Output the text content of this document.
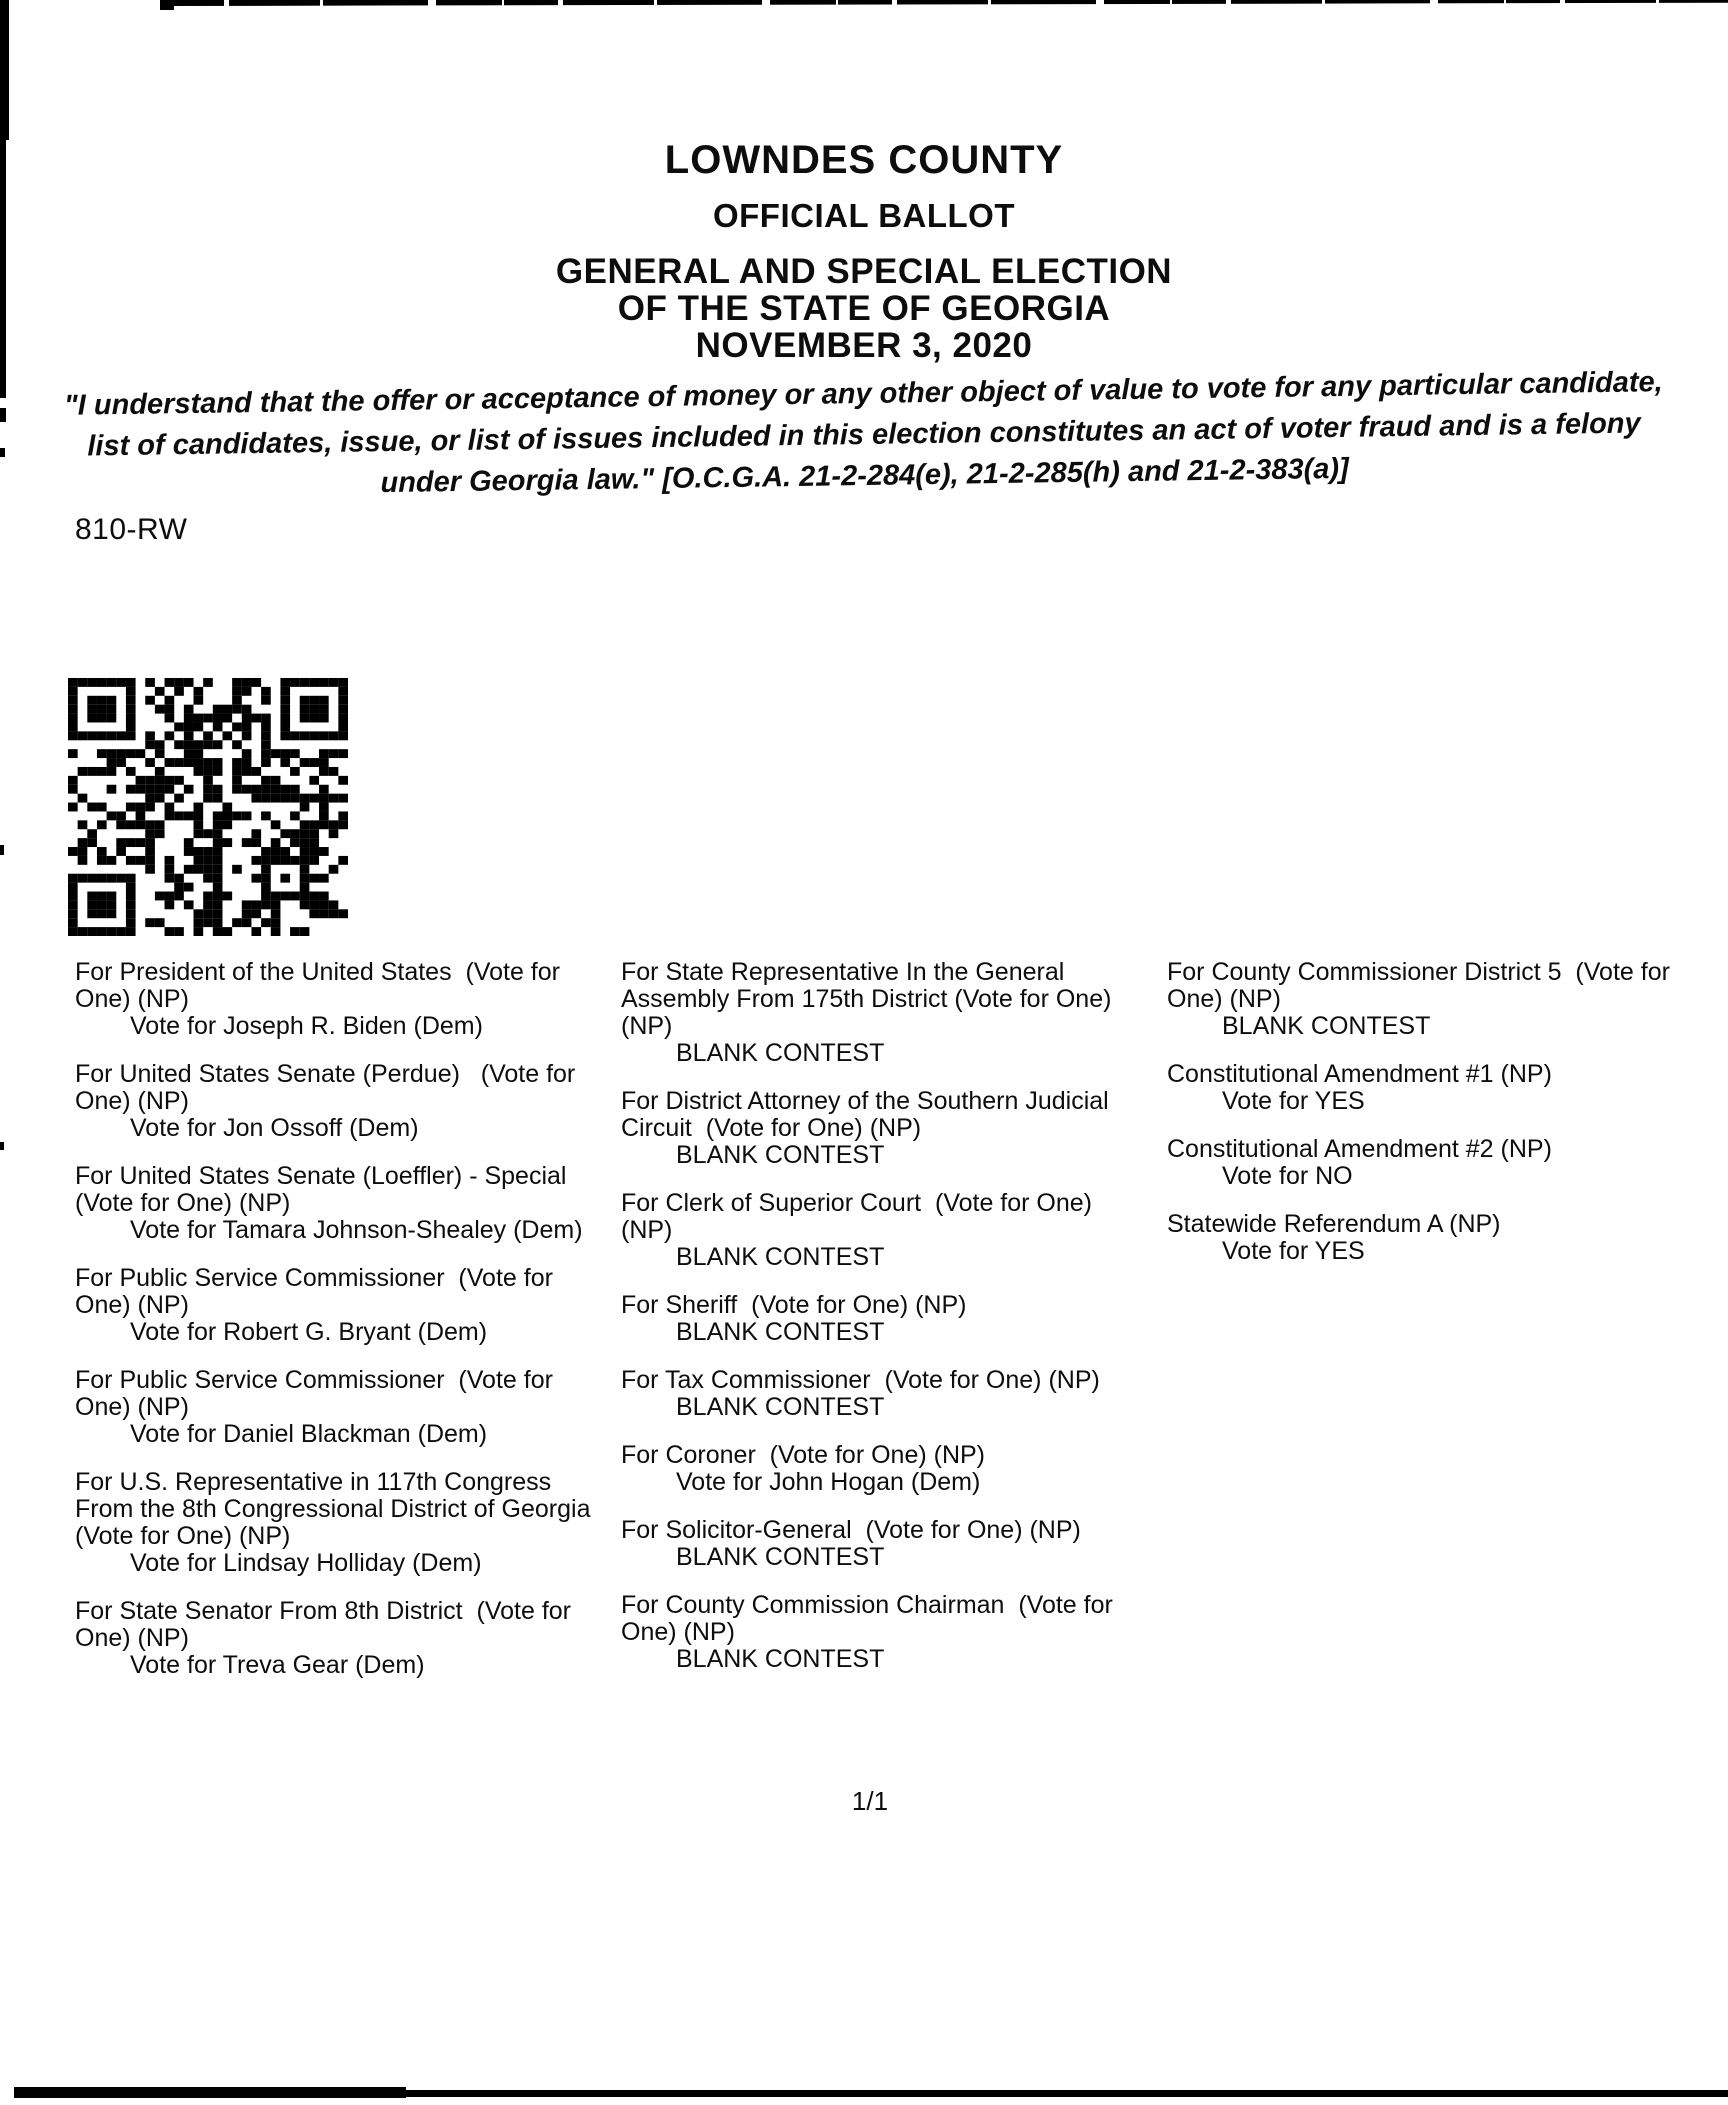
LOWNDES COUNTY
OFFICIAL BALLOT
GENERAL AND SPECIAL ELECTION
OF THE STATE OF GEORGIA
NOVEMBER 3, 2020
"I understand that the offer or acceptance of money or any other object of value to vote for any particular candidate, list of candidates, issue, or list of issues included in this election constitutes an act of voter fraud and is a felony under Georgia law." [O.C.G.A. 21-2-284(e), 21-2-285(h) and 21-2-383(a)]
810-RW
For President of the United States  (Vote for One) (NP)
Vote for Joseph R. Biden (Dem)
For United States Senate (Perdue)   (Vote for One) (NP)
Vote for Jon Ossoff (Dem)
For United States Senate (Loeffler) - Special  (Vote for One) (NP)
Vote for Tamara Johnson-Shealey (Dem)
For Public Service Commissioner  (Vote for One) (NP)
Vote for Robert G. Bryant (Dem)
For Public Service Commissioner  (Vote for One) (NP)
Vote for Daniel Blackman (Dem)
For U.S. Representative in 117th Congress From the 8th Congressional District of Georgia (Vote for One) (NP)
Vote for Lindsay Holliday (Dem)
For State Senator From 8th District  (Vote for One) (NP)
Vote for Treva Gear (Dem)
For State Representative In the General Assembly From 175th District (Vote for One) (NP)
BLANK CONTEST
For District Attorney of the Southern Judicial Circuit  (Vote for One) (NP)
BLANK CONTEST
For Clerk of Superior Court  (Vote for One) (NP)
BLANK CONTEST
For Sheriff  (Vote for One) (NP)
BLANK CONTEST
For Tax Commissioner  (Vote for One) (NP)
BLANK CONTEST
For Coroner  (Vote for One) (NP)
Vote for John Hogan (Dem)
For Solicitor-General  (Vote for One) (NP)
BLANK CONTEST
For County Commission Chairman  (Vote for One) (NP)
BLANK CONTEST
For County Commissioner District 5  (Vote for One) (NP)
BLANK CONTEST
Constitutional Amendment #1 (NP)
Vote for YES
Constitutional Amendment #2 (NP)
Vote for NO
Statewide Referendum A (NP)
Vote for YES
1/1
